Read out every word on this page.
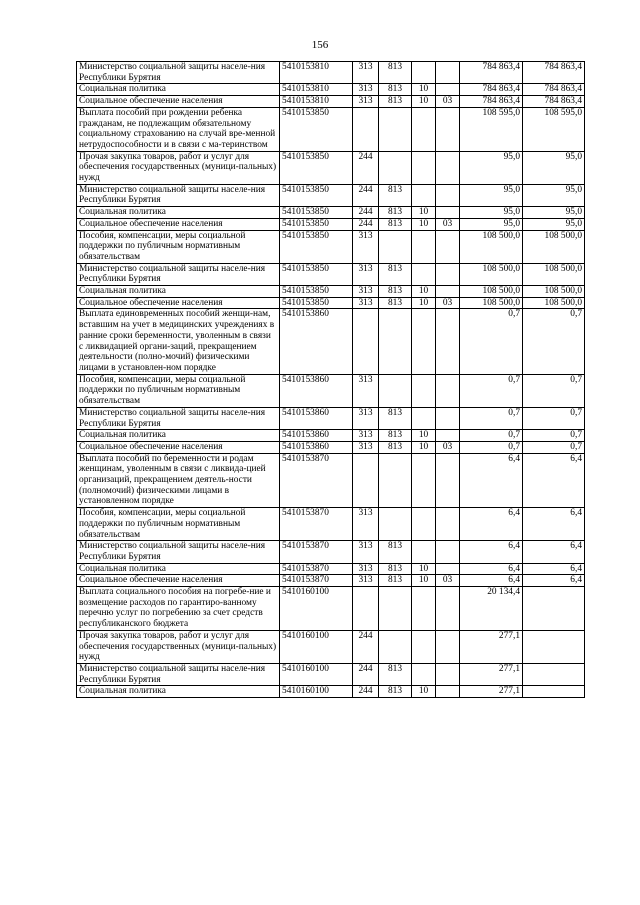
156
Министерство социальной защиты населе-ния Республики Бурятия	5410153810	313	813			784 863,4	784 863,4
Социальная политика	5410153810	313	813	10		784 863,4	784 863,4
Социальное обеспечение населения	5410153810	313	813	10	03	784 863,4	784 863,4
Выплата пособий при рождении ребенка гражданам, не подлежащим обязательному социальному страхованию на случай вре-менной нетрудоспособности и в связи с ма-теринством	5410153850					108 595,0	108 595,0
Прочая закупка товаров, работ и услуг для обеспечения государственных (муници-пальных) нужд	5410153850	244				95,0	95,0
Министерство социальной защиты населе-ния Республики Бурятия	5410153850	244	813			95,0	95,0
Социальная политика	5410153850	244	813	10		95,0	95,0
Социальное обеспечение населения	5410153850	244	813	10	03	95,0	95,0
Пособия, компенсации, меры социальной поддержки по публичным нормативным обязательствам	5410153850	313				108 500,0	108 500,0
Министерство социальной защиты населе-ния Республики Бурятия	5410153850	313	813			108 500,0	108 500,0
Социальная политика	5410153850	313	813	10		108 500,0	108 500,0
Социальное обеспечение населения	5410153850	313	813	10	03	108 500,0	108 500,0
Выплата единовременных пособий женщи-нам, вставшим на учет в медицинских учреждениях в ранние сроки беременности, уволенным в связи с ликвидацией органи-заций, прекращением деятельности (полно-мочий) физическими лицами в установлен-ном порядке	5410153860					0,7	0,7
Пособия, компенсации, меры социальной поддержки по публичным нормативным обязательствам	5410153860	313				0,7	0,7
Министерство социальной защиты населе-ния Республики Бурятия	5410153860	313	813			0,7	0,7
Социальная политика	5410153860	313	813	10		0,7	0,7
Социальное обеспечение населения	5410153860	313	813	10	03	0,7	0,7
Выплата пособий по беременности и родам женщинам, уволенным в связи с ликвида-цией организаций, прекращением деятель-ности (полномочий) физическими лицами в установленном порядке	5410153870					6,4	6,4
Пособия, компенсации, меры социальной поддержки по публичным нормативным обязательствам	5410153870	313				6,4	6,4
Министерство социальной защиты населе-ния Республики Бурятия	5410153870	313	813			6,4	6,4
Социальная политика	5410153870	313	813	10		6,4	6,4
Социальное обеспечение населения	5410153870	313	813	10	03	6,4	6,4
Выплата социального пособия на погребе-ние и возмещение расходов по гарантиро-ванному перечню услуг по погребению за счет средств республиканского бюджета	5410160100					20 134,4	
Прочая закупка товаров, работ и услуг для обеспечения государственных (муници-пальных) нужд	5410160100	244				277,1	
Министерство социальной защиты населе-ния Республики Бурятия	5410160100	244	813			277,1	
Социальная политика	5410160100	244	813	10		277,1	
